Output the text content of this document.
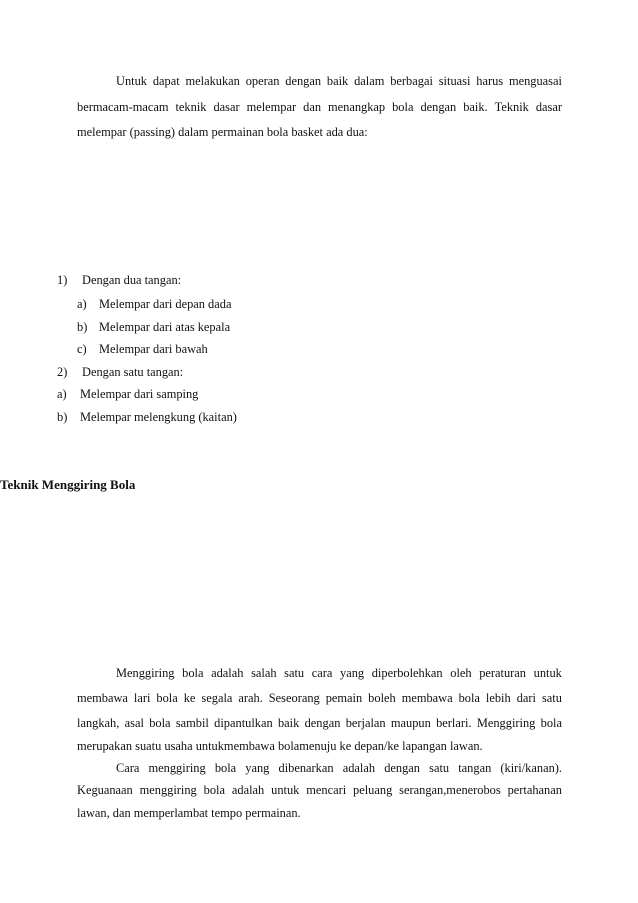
Untuk dapat melakukan operan dengan baik dalam berbagai situasi harus menguasai
bermacam-macam teknik dasar melempar dan menangkap bola dengan baik. Teknik dasar
melempar (passing) dalam permainan bola basket ada dua:
1) Dengan dua tangan:
a) Melempar dari depan dada
b) Melempar dari atas kepala
c) Melempar dari bawah
2) Dengan satu tangan:
a) Melempar dari samping
b) Melempar melengkung (kaitan)
Teknik Menggiring Bola
Menggiring bola adalah salah satu cara yang diperbolehkan oleh peraturan untuk
membawa lari bola ke segala arah. Seseorang pemain boleh membawa bola lebih dari satu
langkah, asal bola sambil dipantulkan baik dengan berjalan maupun berlari. Menggiring bola
merupakan suatu usaha untukmembawa bolamenuju ke depan/ke lapangan lawan.
Cara menggiring bola yang dibenarkan adalah dengan satu tangan (kiri/kanan).
Keguanaan menggiring bola adalah untuk mencari peluang serangan,menerobos pertahanan
lawan, dan memperlambat tempo permainan.
